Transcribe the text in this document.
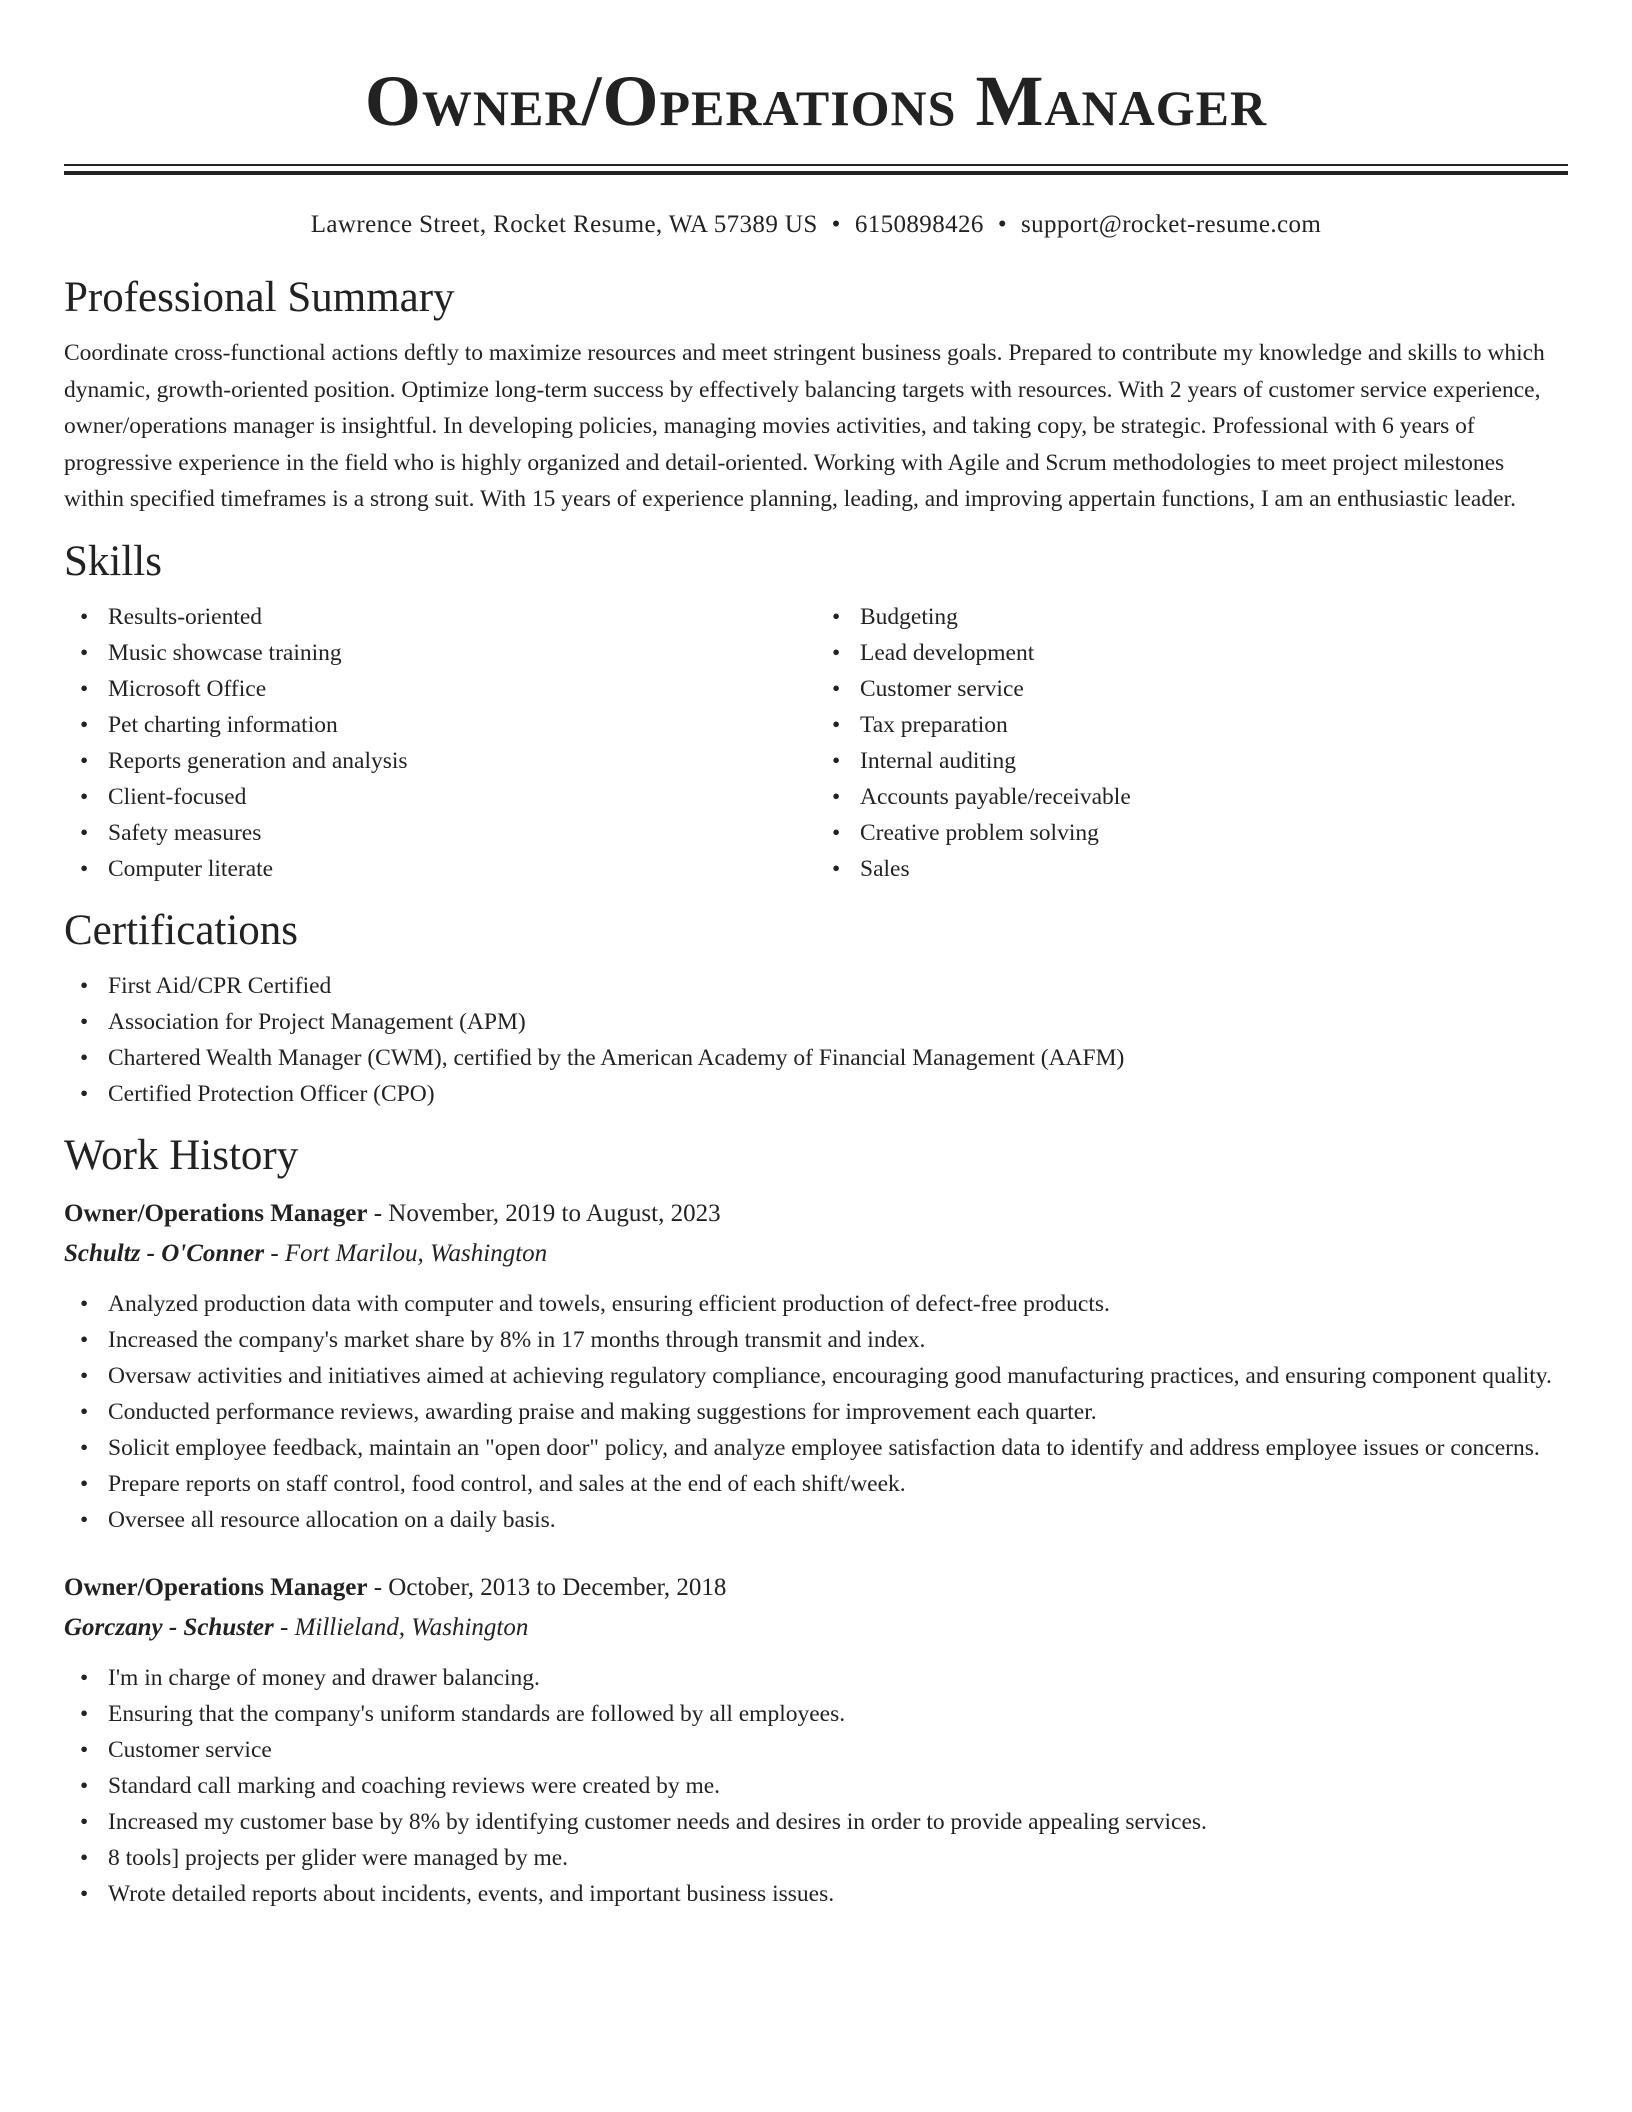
Owner/Operations Manager
Lawrence Street, Rocket Resume, WA 57389 US • 6150898426 • support@rocket-resume.com
Professional Summary

Coordinate cross-functional actions deftly to maximize resources and meet stringent business goals. Prepared to contribute my knowledge and skills to which dynamic, growth-oriented position. Optimize long-term success by effectively balancing targets with resources. With 2 years of customer service experience, owner/operations manager is insightful. In developing policies, managing movies activities, and taking copy, be strategic. Professional with 6 years of progressive experience in the field who is highly organized and detail-oriented. Working with Agile and Scrum methodologies to meet project milestones within specified timeframes is a strong suit. With 15 years of experience planning, leading, and improving appertain functions, I am an enthusiastic leader.

Skills
• Results-oriented
• Music showcase training
• Microsoft Office
• Pet charting information
• Reports generation and analysis
• Client-focused
• Safety measures
• Computer literate
• Budgeting
• Lead development
• Customer service
• Tax preparation
• Internal auditing
• Accounts payable/receivable
• Creative problem solving
• Sales
Certifications
• First Aid/CPR Certified
• Association for Project Management (APM)
• Chartered Wealth Manager (CWM), certified by the American Academy of Financial Management (AAFM)
• Certified Protection Officer (CPO)
Work History

Owner/Operations Manager - November, 2019 to August, 2023

Schultz - O'Conner - Fort Marilou, Washington

• Analyzed production data with computer and towels, ensuring efficient production of defect-free products.
• Increased the company's market share by 8% in 17 months through transmit and index.
• Oversaw activities and initiatives aimed at achieving regulatory compliance, encouraging good manufacturing practices, and ensuring component quality.
• Conducted performance reviews, awarding praise and making suggestions for improvement each quarter.
• Solicit employee feedback, maintain an "open door" policy, and analyze employee satisfaction data to identify and address employee issues or concerns.
• Prepare reports on staff control, food control, and sales at the end of each shift/week.
• Oversee all resource allocation on a daily basis.

Owner/Operations Manager - October, 2013 to December, 2018

Gorczany - Schuster - Millieland, Washington

• I'm in charge of money and drawer balancing.
• Ensuring that the company's uniform standards are followed by all employees.
• Customer service
• Standard call marking and coaching reviews were created by me.
• Increased my customer base by 8% by identifying customer needs and desires in order to provide appealing services.
• 8 tools] projects per glider were managed by me.
• Wrote detailed reports about incidents, events, and important business issues.
